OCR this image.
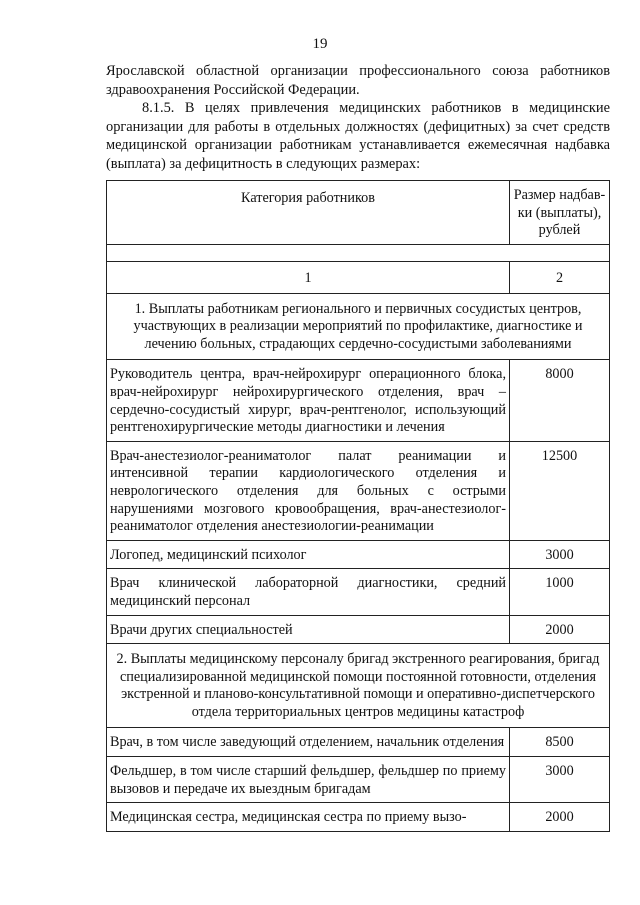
19

Ярославской областной организации профессионального союза работников здравоохранения Российской Федерации.

8.1.5. В целях привлечения медицинских работников в медицинские организации для работы в отдельных должностях (дефицитных) за счет средств медицинской организации работникам устанавливается ежемесячная надбавка (выплата) за дефицитность в следующих размерах:

Категория работников	Размер надбав-ки (выплаты), рублей

1	2
1. Выплаты работникам регионального и первичных сосудистых центров, участвующих в реализации мероприятий по профилактике, диагностике и лечению больных, страдающих сердечно-сосудистыми заболеваниями	
Руководитель центра, врач-нейрохирург операционного блока, врач-нейрохирург нейрохирургического отделения, врач – сердечно-сосудистый хирург, врач-рентгенолог, использующий рентгенохирургические методы диагностики и лечения	8000
Врач-анестезиолог-реаниматолог палат реанимации и интенсивной терапии кардиологического отделения и неврологического отделения для больных с острыми нарушениями мозгового кровообращения, врач-анестезиолог-реаниматолог отделения анестезиологии-реанимации	12500
Логопед, медицинский психолог	3000
Врач клинической лабораторной диагностики, средний медицинский персонал	1000
Врачи других специальностей	2000
2. Выплаты медицинскому персоналу бригад экстренного реагирования, бригад специализированной медицинской помощи постоянной готовности, отделения экстренной и планово-консультативной помощи и оперативно-диспетчерского отдела территориальных центров медицины катастроф	
Врач, в том числе заведующий отделением, начальник отделения	8500
Фельдшер, в том числе старший фельдшер, фельдшер по приему вызовов и передаче их выездным бригадам	3000
Медицинская сестра, медицинская сестра по приему вызо-	2000
